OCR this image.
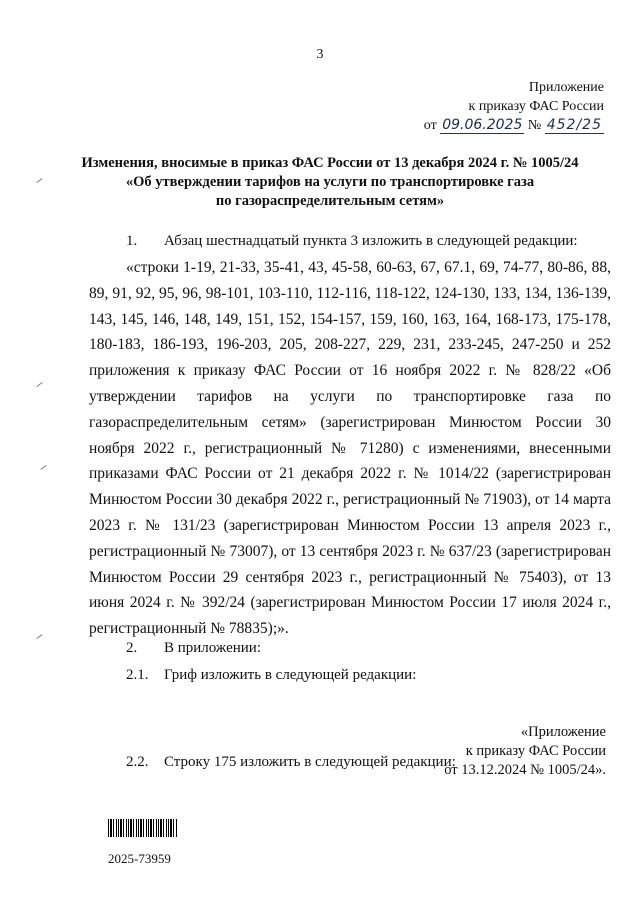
3
Приложение
к приказу ФАС России
от 09.06.2025 № 452/25
Изменения, вносимые в приказ ФАС России от 13 декабря 2024 г. № 1005/24
«Об утверждении тарифов на услуги по транспортировке газа
по газораспределительным сетям»
1. Абзац шестнадцатый пункта 3 изложить в следующей редакции:
«строки 1-19, 21-33, 35-41, 43, 45-58, 60-63, 67, 67.1, 69, 74-77, 80-86, 88, 89, 91, 92, 95, 96, 98-101, 103-110, 112-116, 118-122, 124-130, 133, 134, 136-139, 143, 145, 146, 148, 149, 151, 152, 154-157, 159, 160, 163, 164, 168-173, 175-178, 180-183, 186-193, 196-203, 205, 208-227, 229, 231, 233-245, 247-250 и 252 приложения к приказу ФАС России от 16 ноября 2022 г. № 828/22 «Об утверждении тарифов на услуги по транспортировке газа по газораспределительным сетям» (зарегистрирован Минюстом России 30 ноября 2022 г., регистрационный № 71280) с изменениями, внесенными приказами ФАС России от 21 декабря 2022 г. № 1014/22 (зарегистрирован Минюстом России 30 декабря 2022 г., регистрационный № 71903), от 14 марта 2023 г. № 131/23 (зарегистрирован Минюстом России 13 апреля 2023 г., регистрационный № 73007), от 13 сентября 2023 г. № 637/23 (зарегистрирован Минюстом России 29 сентября 2023 г., регистрационный № 75403), от 13 июня 2024 г. № 392/24 (зарегистрирован Минюстом России 17 июля 2024 г., регистрационный № 78835);».
2. В приложении:
2.1. Гриф изложить в следующей редакции:
«Приложение
к приказу ФАС России
от 13.12.2024 № 1005/24».
2.2. Строку 175 изложить в следующей редакции:
2025-73959
